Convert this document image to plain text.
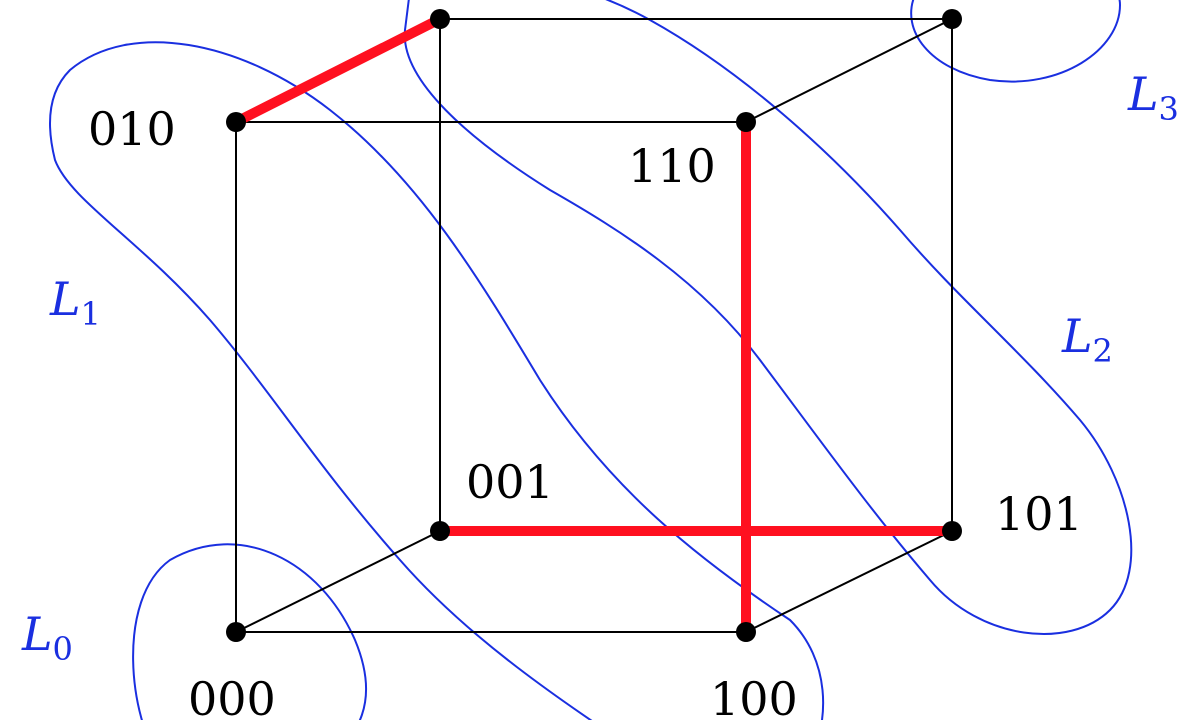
010
110
001
101
000	100
$L_0$
$L_1$	$L_2$
$L_3$
